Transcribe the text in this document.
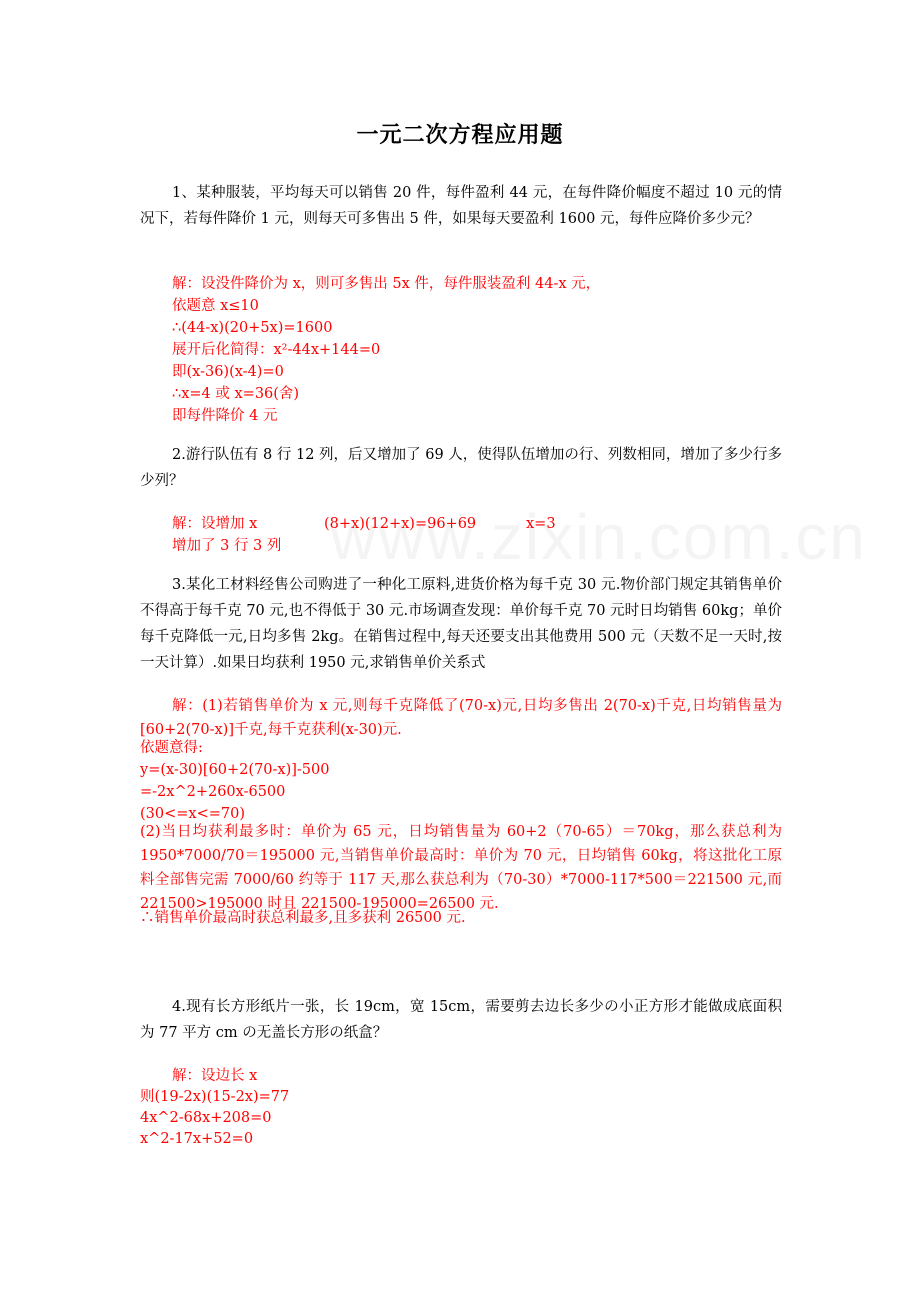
一元二次方程应用题
1、某种服装，平均每天可以销售 20 件，每件盈利 44 元，在每件降价幅度不超过 10 元的情况下，若每件降价 1 元，则每天可多售出 5 件，如果每天要盈利 1600 元，每件应降价多少元？
解：设没件降价为 x，则可多售出 5x 件，每件服装盈利 44-x 元，
依题意 x≤10
∴(44-x)(20+5x)=1600
展开后化简得：x²-44x+144=0
即(x-36)(x-4)=0
∴x=4 或 x=36(舍)
即每件降价 4 元
2.游行队伍有 8 行 12 列，后又增加了 69 人，使得队伍增加の行、列数相同，增加了多少行多少列？
解：设增加 x	(8+x)(12+x)=96+69	x=3
增加了 3 行 3 列
3.某化工材料经售公司购进了一种化工原料,进货价格为每千克 30 元.物价部门规定其销售单价不得高于每千克 70 元,也不得低于 30 元.市场调查发现：单价每千克 70 元时日均销售 60kg；单价每千克降低一元,日均多售 2kg。在销售过程中,每天还要支出其他费用 500 元（天数不足一天时,按一天计算）.如果日均获利 1950 元,求销售单价关系式
解：(1)若销售单价为 x 元,则每千克降低了(70-x)元,日均多售出 2(70-x)千克,日均销售量为[60+2(70-x)]千克,每千克获利(x-30)元.
依题意得:
y=(x-30)[60+2(70-x)]-500
=-2x^2+260x-6500
(30<=x<=70)
(2)当日均获利最多时：单价为 65 元，日均销售量为 60+2（70-65）＝70kg，那么获总利为 1950*7000/70＝195000 元,当销售单价最高时：单价为 70 元，日均销售 60kg，将这批化工原料全部售完需 7000/60 约等于 117 天,那么获总利为（70-30）*7000-117*500＝221500 元,而 221500>195000 时且 221500-195000=26500 元.
∴销售单价最高时获总利最多,且多获利 26500 元.
4.现有长方形纸片一张，长 19cm，宽 15cm，需要剪去边长多少の小正方形才能做成底面积为 77 平方 cm の无盖长方形の纸盒？
解：设边长 x
则(19-2x)(15-2x)=77
4x^2-68x+208=0
x^2-17x+52=0
